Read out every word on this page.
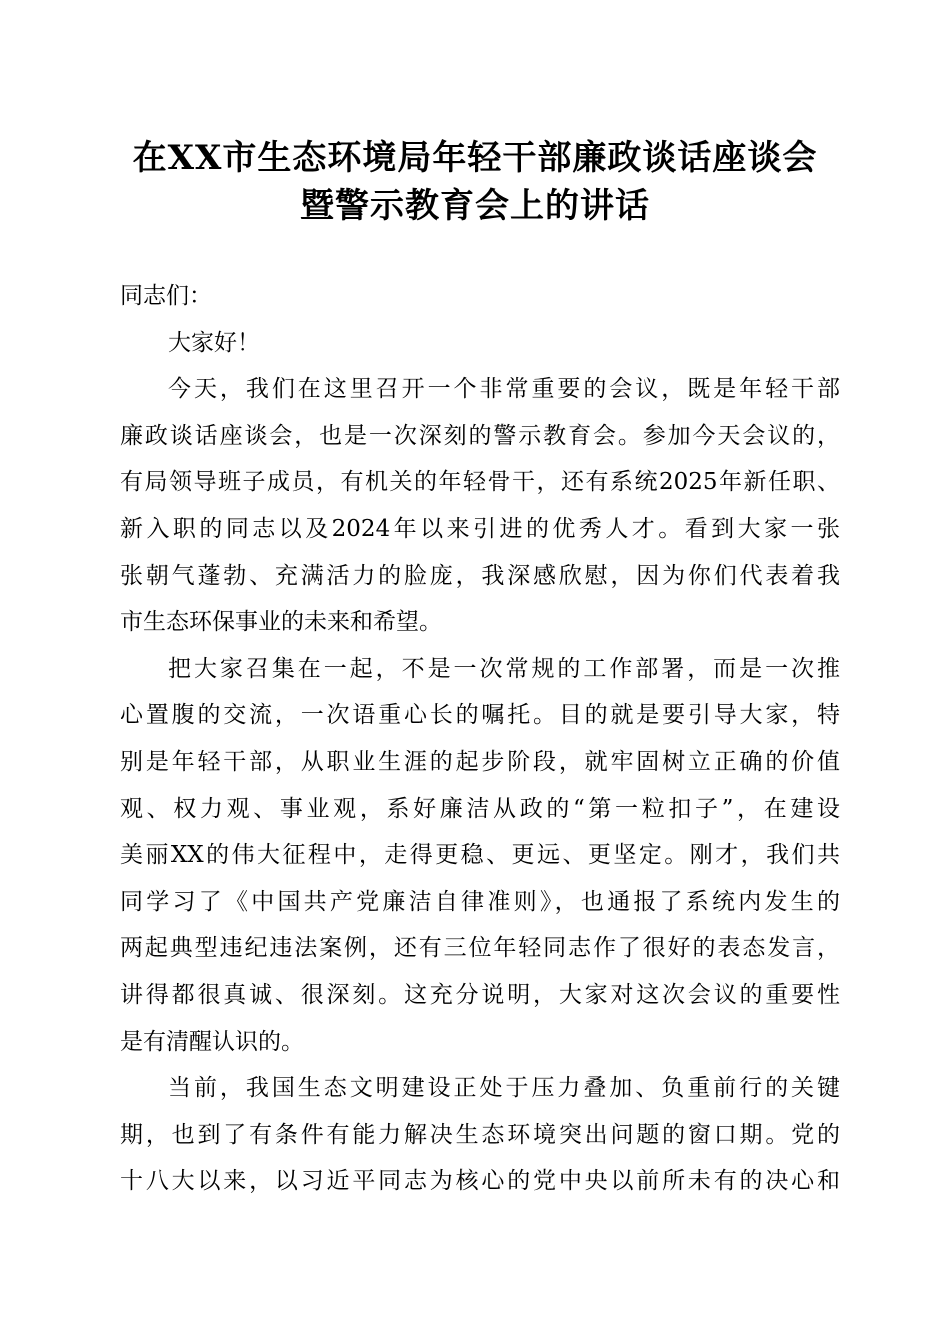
在XX市生态环境局年轻干部廉政谈话座谈会
暨警示教育会上的讲话
同志们：
大家好！
今天，我们在这里召开一个非常重要的会议，既是年轻干部
廉政谈话座谈会，也是一次深刻的警示教育会。参加今天会议的，
有局领导班子成员，有机关的年轻骨干，还有系统2025年新任职、
新入职的同志以及2024年以来引进的优秀人才。看到大家一张
张朝气蓬勃、充满活力的脸庞，我深感欣慰，因为你们代表着我
市生态环保事业的未来和希望。
把大家召集在一起，不是一次常规的工作部署，而是一次推
心置腹的交流，一次语重心长的嘱托。目的就是要引导大家，特
别是年轻干部，从职业生涯的起步阶段，就牢固树立正确的价值
观、权力观、事业观，系好廉洁从政的“第一粒扣子”，在建设
美丽XX的伟大征程中，走得更稳、更远、更坚定。刚才，我们共
同学习了《中国共产党廉洁自律准则》，也通报了系统内发生的
两起典型违纪违法案例，还有三位年轻同志作了很好的表态发言，
讲得都很真诚、很深刻。这充分说明，大家对这次会议的重要性
是有清醒认识的。
当前，我国生态文明建设正处于压力叠加、负重前行的关键
期，也到了有条件有能力解决生态环境突出问题的窗口期。党的
十八大以来，以习近平同志为核心的党中央以前所未有的决心和
